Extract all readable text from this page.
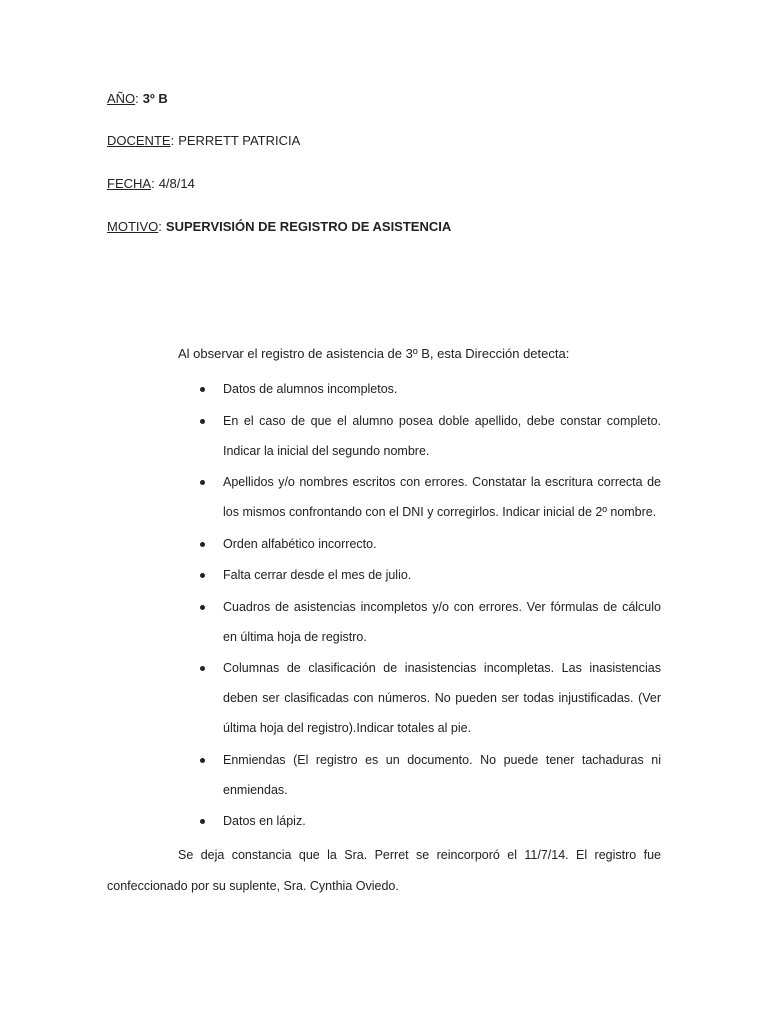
AÑO: 3º B
DOCENTE: PERRETT PATRICIA
FECHA: 4/8/14
MOTIVO: SUPERVISIÓN DE REGISTRO DE ASISTENCIA
Al observar el registro de asistencia de 3º B, esta Dirección detecta:
Datos de alumnos incompletos.
En el caso de que el alumno posea doble apellido, debe constar completo. Indicar la inicial del segundo nombre.
Apellidos y/o nombres escritos con errores. Constatar la escritura correcta de los mismos confrontando con el DNI y corregirlos. Indicar inicial de 2º nombre.
Orden alfabético incorrecto.
Falta cerrar desde el mes de julio.
Cuadros de asistencias incompletos y/o con errores. Ver fórmulas de cálculo en última hoja de registro.
Columnas de clasificación de inasistencias incompletas. Las inasistencias deben ser clasificadas con números. No pueden ser todas injustificadas. (Ver última hoja del registro).Indicar totales al pie.
Enmiendas (El registro es un documento. No puede tener tachaduras ni enmiendas.
Datos en lápiz.

Se deja constancia que la Sra. Perret se reincorporó el 11/7/14. El registro fue confeccionado por su suplente, Sra. Cynthia Oviedo.
